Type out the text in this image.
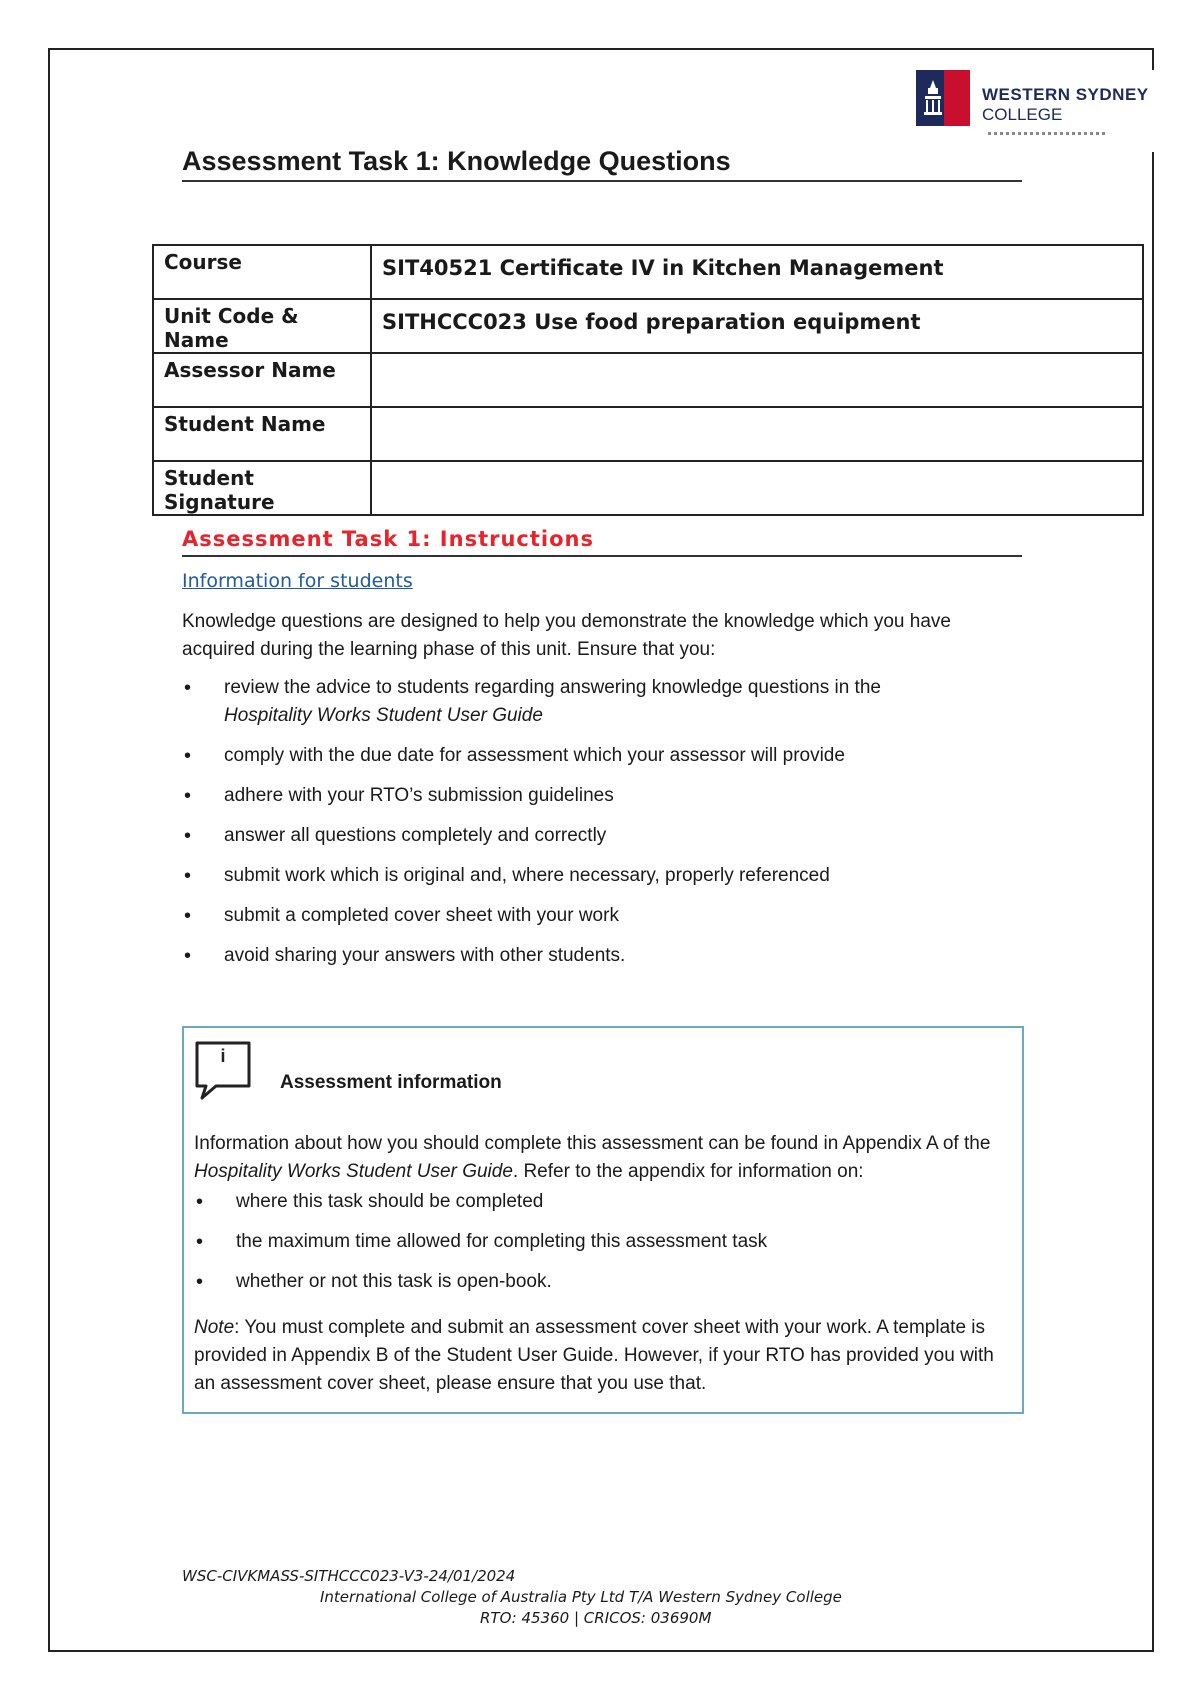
WESTERN SYDNEY
COLLEGE
Assessment Task 1: Knowledge Questions
Course	SIT40521 Certificate IV in Kitchen Management
Unit Code & Name	SITHCCC023 Use food preparation equipment
Assessor Name	
Student Name	
Student Signature	
Assessment Task 1: Instructions
Information for students

Knowledge questions are designed to help you demonstrate the knowledge which you have acquired during the learning phase of this unit. Ensure that you:

• review the advice to students regarding answering knowledge questions in the
Hospitality Works Student User Guide
• comply with the due date for assessment which your assessor will provide
• adhere with your RTO’s submission guidelines
• answer all questions completely and correctly
• submit work which is original and, where necessary, properly referenced
• submit a completed cover sheet with your work
• avoid sharing your answers with other students.
i
Assessment information

Information about how you should complete this assessment can be found in Appendix A of the Hospitality Works Student User Guide. Refer to the appendix for information on:

• where this task should be completed
• the maximum time allowed for completing this assessment task
• whether or not this task is open-book.

Note: You must complete and submit an assessment cover sheet with your work. A template is provided in Appendix B of the Student User Guide. However, if your RTO has provided you with an assessment cover sheet, please ensure that you use that.

WSC-CIVKMASS-SITHCCC023-V3-24/01/2024
International College of Australia Pty Ltd T/A Western Sydney College
RTO: 45360 | CRICOS: 03690M
